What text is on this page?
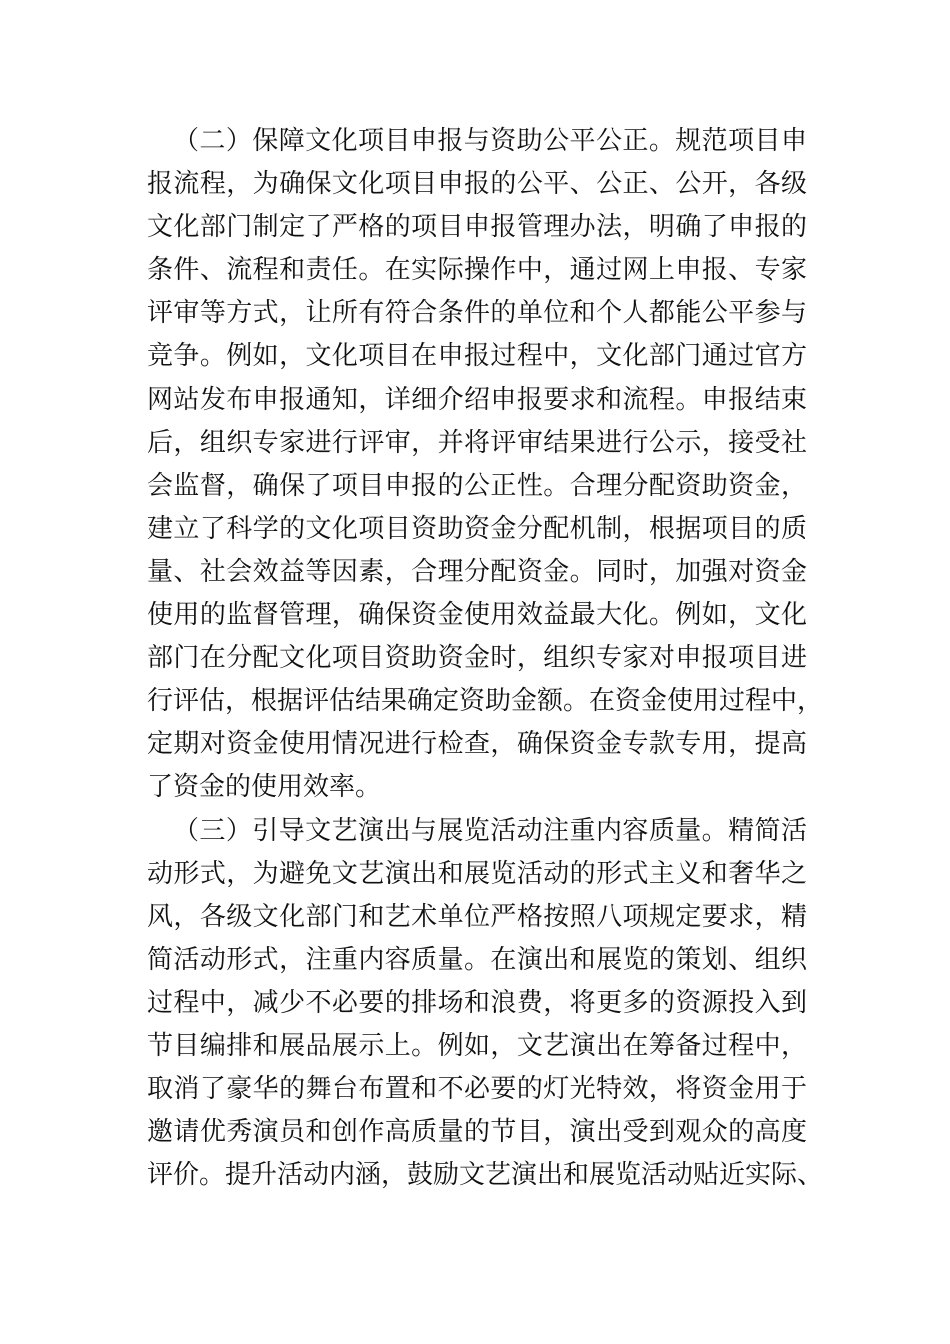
（二）保障文化项目申报与资助公平公正。规范项目申
报流程，为确保文化项目申报的公平、公正、公开，各级
文化部门制定了严格的项目申报管理办法，明确了申报的
条件、流程和责任。在实际操作中，通过网上申报、专家
评审等方式，让所有符合条件的单位和个人都能公平参与
竞争。例如，文化项目在申报过程中，文化部门通过官方
网站发布申报通知，详细介绍申报要求和流程。申报结束
后，组织专家进行评审，并将评审结果进行公示，接受社
会监督，确保了项目申报的公正性。合理分配资助资金，
建立了科学的文化项目资助资金分配机制，根据项目的质
量、社会效益等因素，合理分配资金。同时，加强对资金
使用的监督管理，确保资金使用效益最大化。例如，文化
部门在分配文化项目资助资金时，组织专家对申报项目进
行评估，根据评估结果确定资助金额。在资金使用过程中，
定期对资金使用情况进行检查，确保资金专款专用，提高
了资金的使用效率。
（三）引导文艺演出与展览活动注重内容质量。精简活
动形式，为避免文艺演出和展览活动的形式主义和奢华之
风，各级文化部门和艺术单位严格按照八项规定要求，精
简活动形式，注重内容质量。在演出和展览的策划、组织
过程中，减少不必要的排场和浪费，将更多的资源投入到
节目编排和展品展示上。例如，文艺演出在筹备过程中，
取消了豪华的舞台布置和不必要的灯光特效，将资金用于
邀请优秀演员和创作高质量的节目，演出受到观众的高度
评价。提升活动内涵，鼓励文艺演出和展览活动贴近实际、
